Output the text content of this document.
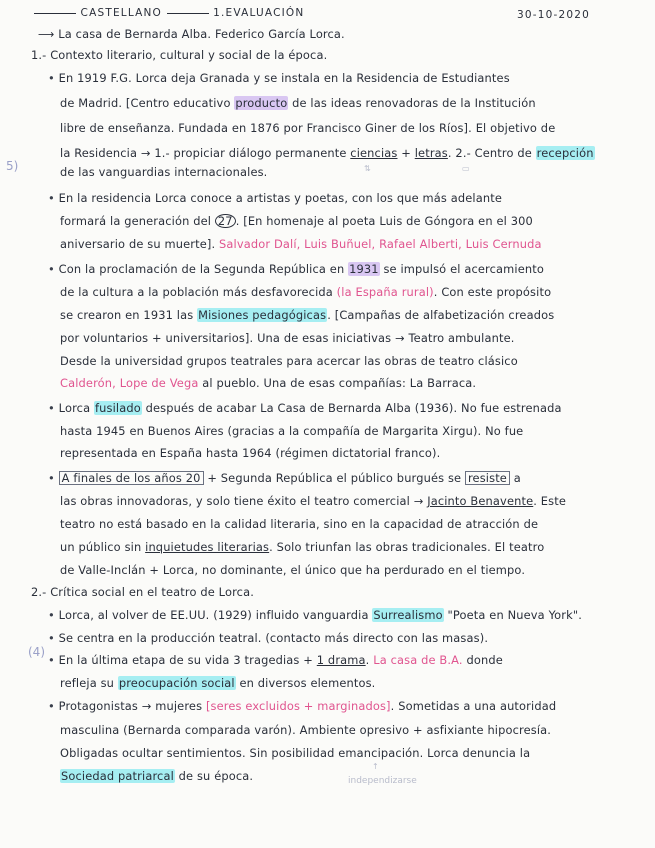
CASTELLANO	1.EVALUACIÓN	30-10-2020
⟶ La casa de Bernarda Alba. Federico García Lorca.
1.- Contexto literario, cultural y social de la época.
• En 1919 F.G. Lorca deja Granada y se instala en la Residencia de Estudiantes
de Madrid. [Centro educativo producto de las ideas renovadoras de la Institución
libre de enseñanza. Fundada en 1876 por Francisco Giner de los Ríos]. El objetivo de
la Residencia → 1.- propiciar diálogo permanente ciencias + letras. 2.- Centro de recepción
de las vanguardias internacionales.
5)	⇅	▭
• En la residencia Lorca conoce a artistas y poetas, con los que más adelante
formará la generación del 27 . [En homenaje al poeta Luis de Góngora en el 300
aniversario de su muerte]. Salvador Dalí, Luis Buñuel, Rafael Alberti, Luis Cernuda
• Con la proclamación de la Segunda República en 1931 se impulsó el acercamiento
de la cultura a la población más desfavorecida (la España rural). Con este propósito
se crearon en 1931 las Misiones pedagógicas. [Campañas de alfabetización creados
por voluntarios + universitarios]. Una de esas iniciativas → Teatro ambulante.
Desde la universidad grupos teatrales para acercar las obras de teatro clásico
Calderón, Lope de Vega al pueblo. Una de esas compañías: La Barraca.
• Lorca fusilado después de acabar La Casa de Bernarda Alba (1936). No fue estrenada
hasta 1945 en Buenos Aires (gracias a la compañía de Margarita Xirgu). No fue
representada en España hasta 1964 (régimen dictatorial franco).
• A finales de los años 20 + Segunda República el público burgués se resiste a
las obras innovadoras, y solo tiene éxito el teatro comercial → Jacinto Benavente. Este
teatro no está basado en la calidad literaria, sino en la capacidad de atracción de
un público sin inquietudes literarias. Solo triunfan las obras tradicionales. El teatro
de Valle-Inclán + Lorca, no dominante, el único que ha perdurado en el tiempo.
2.- Crítica social en el teatro de Lorca.
• Lorca, al volver de EE.UU. (1929) influido vanguardia Surrealismo "Poeta en Nueva York".
• Se centra en la producción teatral. (contacto más directo con las masas).
(4)
• En la última etapa de su vida 3 tragedias + 1 drama. La casa de B.A. donde
refleja su preocupación social en diversos elementos.
• Protagonistas → mujeres [seres excluidos + marginados]. Sometidas a una autoridad
masculina (Bernarda comparada varón). Ambiente opresivo + asfixiante hipocresía.
Obligadas ocultar sentimientos. Sin posibilidad emancipación. Lorca denuncia la
Sociedad patriarcal de su época.
↑
independizarse
